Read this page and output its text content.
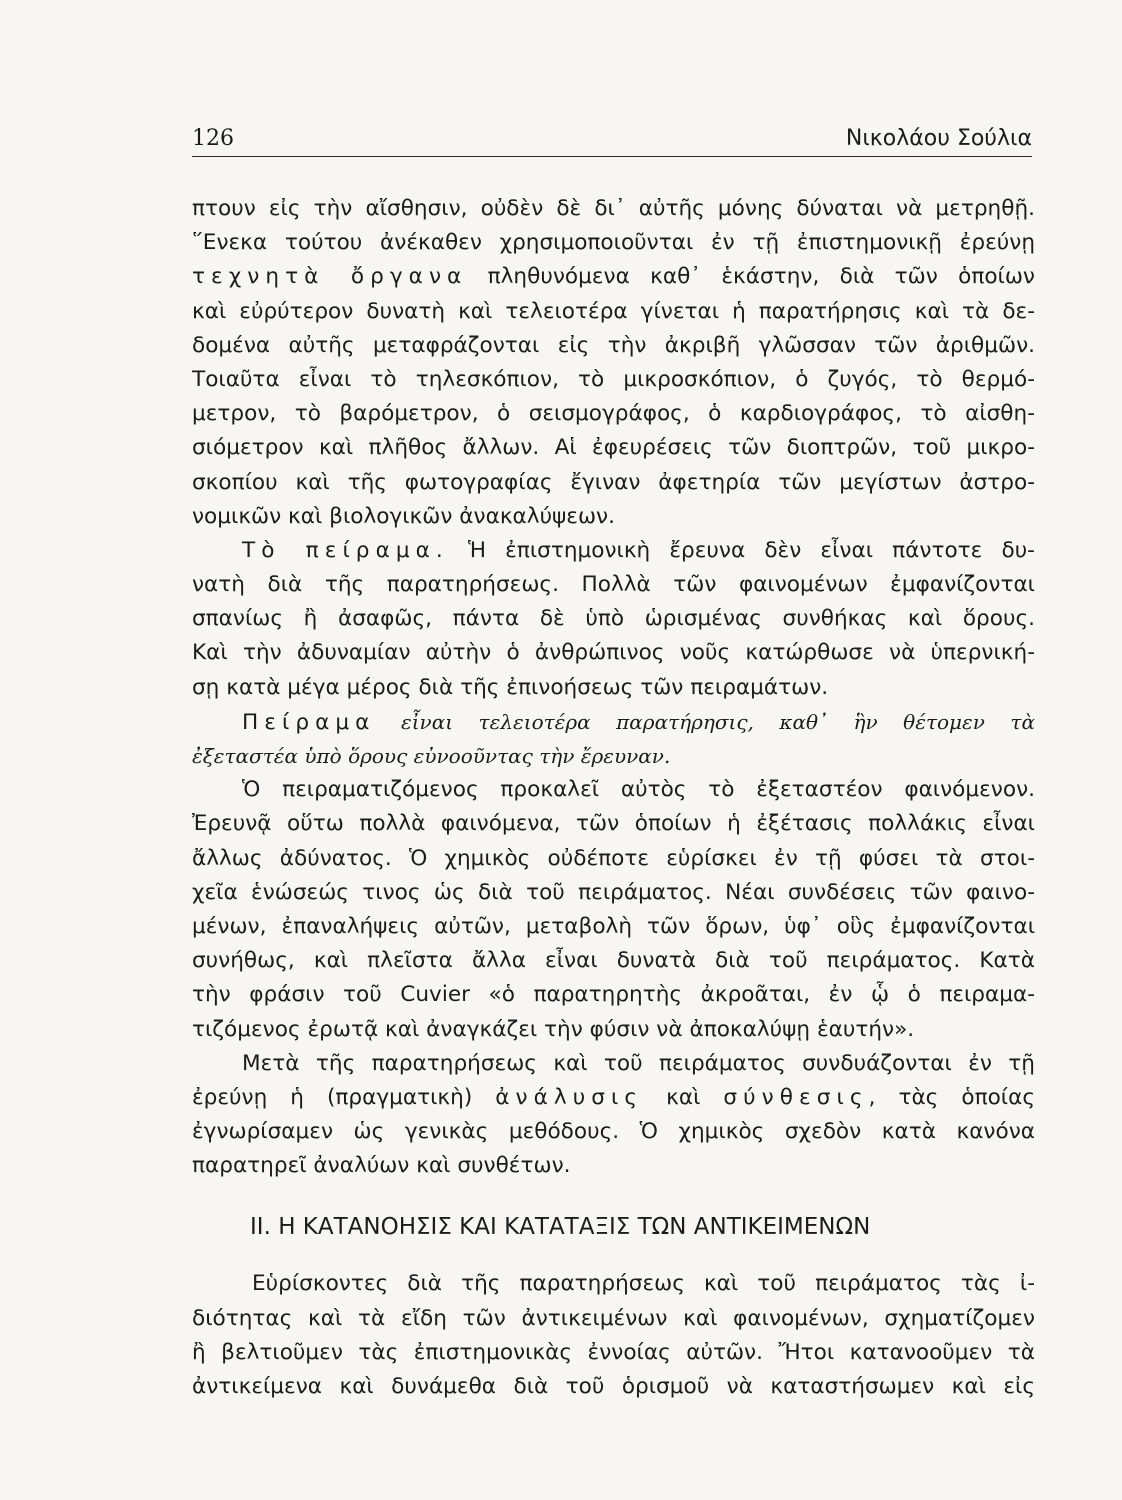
126	Νικολάου Σούλια
πτουν εἰς τὴν αἴσθησιν, οὐδὲν δὲ δι᾽ αὐτῆς μόνης δύναται νὰ μετρηθῇ.
῞Ενεκα τούτου ἀνέκαθεν χρησιμοποιοῦνται ἐν τῇ ἐπιστημονικῇ ἐρεύνῃ
τεχνητὰ ὄργανα πληθυνόμενα καθ᾽ ἑκάστην, διὰ τῶν ὁποίων
καὶ εὐρύτερον δυνατὴ καὶ τελειοτέρα γίνεται ἡ παρατήρησις καὶ τὰ δε-
δομένα αὐτῆς μεταφράζονται εἰς τὴν ἀκριβῆ γλῶσσαν τῶν ἀριθμῶν.
Τοιαῦτα εἶναι τὸ τηλεσκόπιον, τὸ μικροσκόπιον, ὁ ζυγός, τὸ θερμό-
μετρον, τὸ βαρόμετρον, ὁ σεισμογράφος, ὁ καρδιογράφος, τὸ αἰσθη-
σιόμετρον καὶ πλῆθος ἄλλων. Αἱ ἐφευρέσεις τῶν διοπτρῶν, τοῦ μικρο-
σκοπίου καὶ τῆς φωτογραφίας ἔγιναν ἀφετηρία τῶν μεγίστων ἀστρο-
νομικῶν καὶ βιολογικῶν ἀνακαλύψεων.
Τὸ πείραμα. Ἡ ἐπιστημονικὴ ἔρευνα δὲν εἶναι πάντοτε δυ-
νατὴ διὰ τῆς παρατηρήσεως. Πολλὰ τῶν φαινομένων ἐμφανίζονται
σπανίως ἢ ἀσαφῶς, πάντα δὲ ὑπὸ ὡρισμένας συνθήκας καὶ ὅρους.
Καὶ τὴν ἀδυναμίαν αὐτὴν ὁ ἀνθρώπινος νοῦς κατώρθωσε νὰ ὑπερνική-
σῃ κατὰ μέγα μέρος διὰ τῆς ἐπινοήσεως τῶν πειραμάτων.
Πείραμα εἶναι τελειοτέρα παρατήρησις, καθ᾽ ἣν θέτομεν τὰ
ἐξεταστέα ὑπὸ ὅρους εὐνοοῦντας τὴν ἔρευναν.
Ὁ πειραματιζόμενος προκαλεῖ αὐτὸς τὸ ἐξεταστέον φαινόμενον.
Ἐρευνᾷ οὕτω πολλὰ φαινόμενα, τῶν ὁποίων ἡ ἐξέτασις πολλάκις εἶναι
ἄλλως ἀδύνατος. Ὁ χημικὸς οὐδέποτε εὑρίσκει ἐν τῇ φύσει τὰ στοι-
χεῖα ἑνώσεώς τινος ὡς διὰ τοῦ πειράματος. Νέαι συνδέσεις τῶν φαινο-
μένων, ἐπαναλήψεις αὐτῶν, μεταβολὴ τῶν ὅρων, ὑφ᾽ οὓς ἐμφανίζονται
συνήθως, καὶ πλεῖστα ἄλλα εἶναι δυνατὰ διὰ τοῦ πειράματος. Κατὰ
τὴν φράσιν τοῦ Cuvier «ὁ παρατηρητὴς ἀκροᾶται, ἐν ᾧ ὁ πειραμα-
τιζόμενος ἐρωτᾷ καὶ ἀναγκάζει τὴν φύσιν νὰ ἀποκαλύψῃ ἑαυτήν».
Μετὰ τῆς παρατηρήσεως καὶ τοῦ πειράματος συνδυάζονται ἐν τῇ
ἐρεύνῃ ἡ (πραγματικὴ) ἀνάλυσις καὶ σύνθεσις, τὰς ὁποίας
ἐγνωρίσαμεν ὡς γενικὰς μεθόδους. Ὁ χημικὸς σχεδὸν κατὰ κανόνα
παρατηρεῖ ἀναλύων καὶ συνθέτων.
II. Η ΚΑΤΑΝΟΗΣΙΣ ΚΑΙ ΚΑΤΑΤΑΞΙΣ ΤΩΝ ΑΝΤΙΚΕΙΜΕΝΩΝ
Εὑρίσκοντες διὰ τῆς παρατηρήσεως καὶ τοῦ πειράματος τὰς ἰ-
διότητας καὶ τὰ εἴδη τῶν ἀντικειμένων καὶ φαινομένων, σχηματίζομεν
ἢ βελτιοῦμεν τὰς ἐπιστημονικὰς ἐννοίας αὐτῶν. Ἤτοι κατανοοῦμεν τὰ
ἀντικείμενα καὶ δυνάμεθα διὰ τοῦ ὁρισμοῦ νὰ καταστήσωμεν καὶ εἰς
